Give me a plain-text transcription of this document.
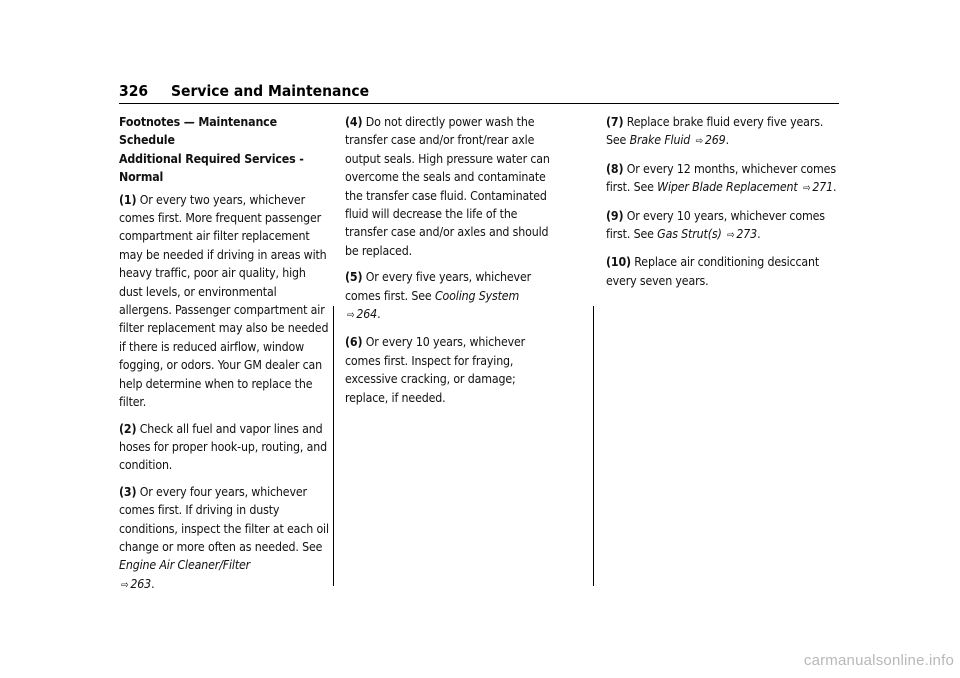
326 Service and Maintenance

Footnotes — Maintenance Schedule
Additional Required Services - Normal

(1) Or every two years, whichever comes first. More frequent passenger compartment air filter replacement may be needed if driving in areas with heavy traffic, poor air quality, high dust levels, or environmental allergens. Passenger compartment air filter replacement may also be needed if there is reduced airflow, window fogging, or odors. Your GM dealer can help determine when to replace the filter.

(2) Check all fuel and vapor lines and hoses for proper hook-up, routing, and condition.

(3) Or every four years, whichever comes first. If driving in dusty conditions, inspect the filter at each oil change or more often as needed. See Engine Air Cleaner/Filter
⇨ 263.

(4) Do not directly power wash the transfer case and/or front/rear axle output seals. High pressure water can overcome the seals and contaminate the transfer case fluid. Contaminated fluid will decrease the life of the transfer case and/or axles and should be replaced.

(5) Or every five years, whichever comes first. See Cooling System ⇨ 264.

(6) Or every 10 years, whichever comes first. Inspect for fraying, excessive cracking, or damage; replace, if needed.

(7) Replace brake fluid every five years. See Brake Fluid ⇨ 269.

(8) Or every 12 months, whichever comes first. See Wiper Blade Replacement ⇨ 271.

(9) Or every 10 years, whichever comes first. See Gas Strut(s) ⇨ 273.

(10) Replace air conditioning desiccant every seven years.

carmanualsonline.info
